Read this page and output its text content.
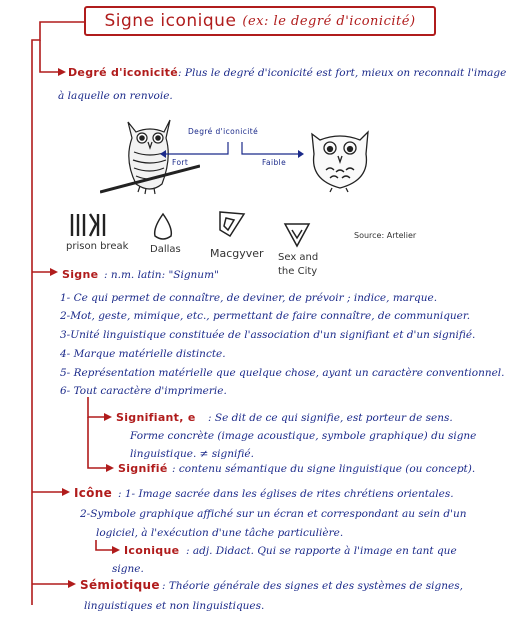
Signe iconique (ex: le degré d'iconicité)
Degré d'iconicité : Plus le degré d'iconicité est fort, mieux on reconnait l'image
à laquelle on renvoie.
Degré d'iconicité
Fort	Faible
prison break Dallas	Macgyver Sex and
the City
Source: Artelier
Signe : n.m. latin: "Signum"
1- Ce qui permet de connaître, de deviner, de prévoir ; indice, marque.
2-Mot, geste, mimique, etc., permettant de faire connaître, de communiquer.
3-Unité linguistique constituée de l'association d'un signifiant et d'un signifié.
4- Marque matérielle distincte.
5- Représentation matérielle que quelque chose, ayant un caractère conventionnel.
6- Tout caractère d'imprimerie.
Signifiant, e : Se dit de ce qui signifie, est porteur de sens.
Forme concrète (image acoustique, symbole graphique) du signe
linguistique. ≠ signifié.
Signifié : contenu sémantique du signe linguistique (ou concept).
Icône : 1- Image sacrée dans les églises de rites chrétiens orientales.
2-Symbole graphique affiché sur un écran et correspondant au sein d'un
logiciel, à l'exécution d'une tâche particulière.
Iconique : adj. Didact. Qui se rapporte à l'image en tant que
signe.
Sémiotique : Théorie générale des signes et des systèmes de signes,
linguistiques et non linguistiques.
